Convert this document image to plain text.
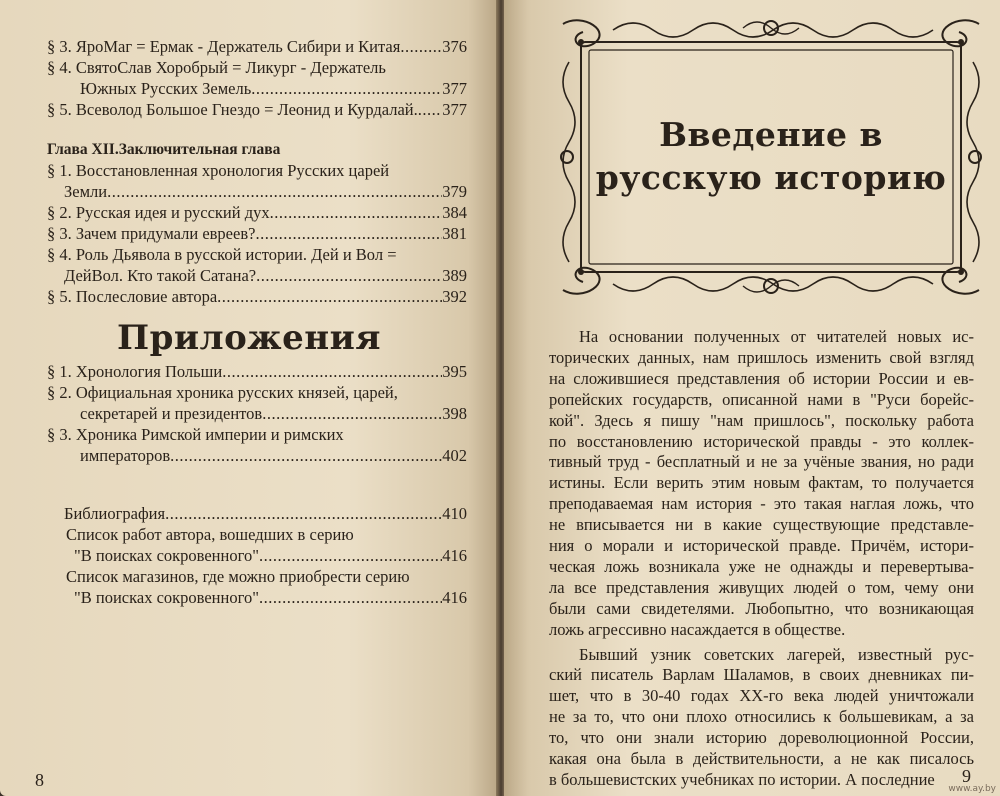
§ 3. ЯроМаг = Ермак - Держатель Сибири и Китая .....	376
§ 4. СвятоСлав Хоробрый = Ликург - Держатель
Южных Русских Земель .....	377
§ 5. Всеволод Большое Гнездо = Леонид и Курдалай. ..... 377
Глава XII.Заключительная глава
§ 1. Восстановленная хронология Русских царей
Земли .....	379
§ 2. Русская идея и русский дух .....	384
§ 3. Зачем придумали евреев? .....	381
§ 4. Роль Дьявола в русской истории. Дей и Вол =
ДейВол. Кто такой Сатана? .....	389
§ 5. Послесловие автора .....	392
Приложения
§ 1. Хронология Польши .....	395
§ 2. Официальная хроника русских князей, царей,
секретарей и президентов .....	398
§ 3. Хроника Римской империи и римских
императоров .....	402
Библиография .....	410
Список работ автора, вошедших в серию
"В поисках сокровенного" .....	416
Список магазинов, где можно приобрести серию
"В поисках сокровенного" .....	416
8
Введение в
русскую историю
На основании полученных от читателей новых ис-
торических данных, нам пришлось изменить свой взгляд
на сложившиеся представления об истории России и ев-
ропейских государств, описанной нами в "Руси борейс-
кой". Здесь я пишу "нам пришлось", поскольку работа
по восстановлению исторической правды - это коллек-
тивный труд - бесплатный и не за учёные звания, но ради
истины. Если верить этим новым фактам, то получается
преподаваемая нам история - это такая наглая ложь, что
не вписывается ни в какие существующие представле-
ния о морали и исторической правде. Причём, истори-
ческая ложь возникала уже не однажды и перевертыва-
ла все представления живущих людей о том, чему они
были сами свидетелями. Любопытно, что возникающая
ложь агрессивно насаждается в обществе.
Бывший узник советских лагерей, известный рус-
ский писатель Варлам Шаламов, в своих дневниках пи-
шет, что в 30-40 годах XX-го века людей уничтожали
не за то, что они плохо относились к большевикам, а за
то, что они знали историю дореволюционной России,
какая она была в действительности, а не как писалось
в большевистских учебниках по истории. А последние	9
www.ay.by
